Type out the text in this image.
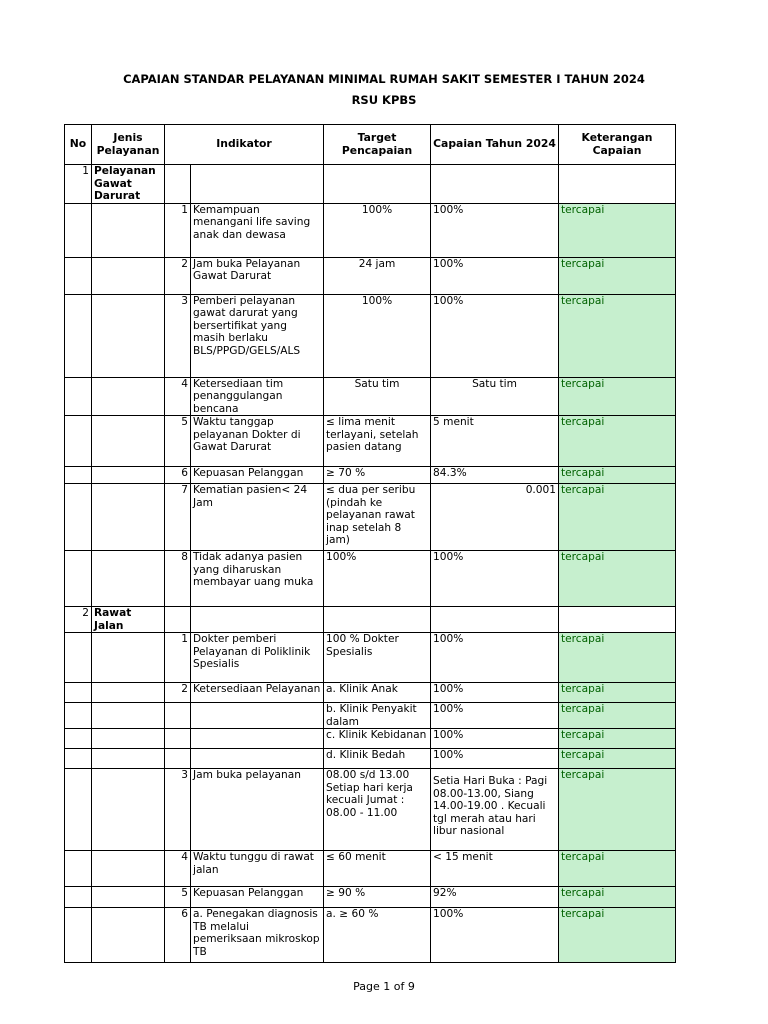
CAPAIAN STANDAR PELAYANAN MINIMAL RUMAH SAKIT SEMESTER I TAHUN 2024
RSU KPBS
No	Jenis Pelayanan	Indikator		Target Pencapaian	Capaian Tahun 2024	Keterangan Capaian
1	Pelayanan Gawat Darurat					
		1	Kemampuan menangani life saving anak dan dewasa	100%	100%	tercapai
		2	Jam buka Pelayanan Gawat Darurat	24 jam	100%	tercapai
		3	Pemberi pelayanan gawat darurat yang bersertifikat yang masih berlaku BLS/PPGD/GELS/ALS	100%	100%	tercapai
		4	Ketersediaan tim penanggulangan bencana	Satu tim	Satu tim	tercapai
		5	Waktu tanggap pelayanan Dokter di Gawat Darurat	≤ lima menit terlayani, setelah pasien datang	5 menit	tercapai
		6	Kepuasan Pelanggan	≥ 70 %	84.3%	tercapai
		7	Kematian pasien< 24 Jam	≤ dua per seribu (pindah ke pelayanan rawat inap setelah 8 jam)	0.001	tercapai
		8	Tidak adanya pasien yang diharuskan membayar uang muka	100%	100%	tercapai
2	Rawat Jalan					
		1	Dokter pemberi Pelayanan di Poliklinik Spesialis	100 % Dokter Spesialis	100%	tercapai
		2	Ketersediaan Pelayanan	a. Klinik Anak	100%	tercapai
				b. Klinik Penyakit dalam	100%	tercapai
				c. Klinik Kebidanan	100%	tercapai
				d. Klinik Bedah	100%	tercapai
		3	Jam buka pelayanan	08.00 s/d 13.00 Setiap hari kerja kecuali Jumat : 08.00 - 11.00	Setia Hari Buka : Pagi 08.00-13.00, Siang 14.00-19.00 . Kecuali tgl merah atau hari libur nasional	tercapai
		4	Waktu tunggu di rawat jalan	≤ 60 menit	< 15 menit	tercapai
		5	Kepuasan Pelanggan	≥ 90 %	92%	tercapai
		6	a. Penegakan diagnosis TB melalui pemeriksaan mikroskop TB	a. ≥ 60 %	100%	tercapai
Page 1 of 9
